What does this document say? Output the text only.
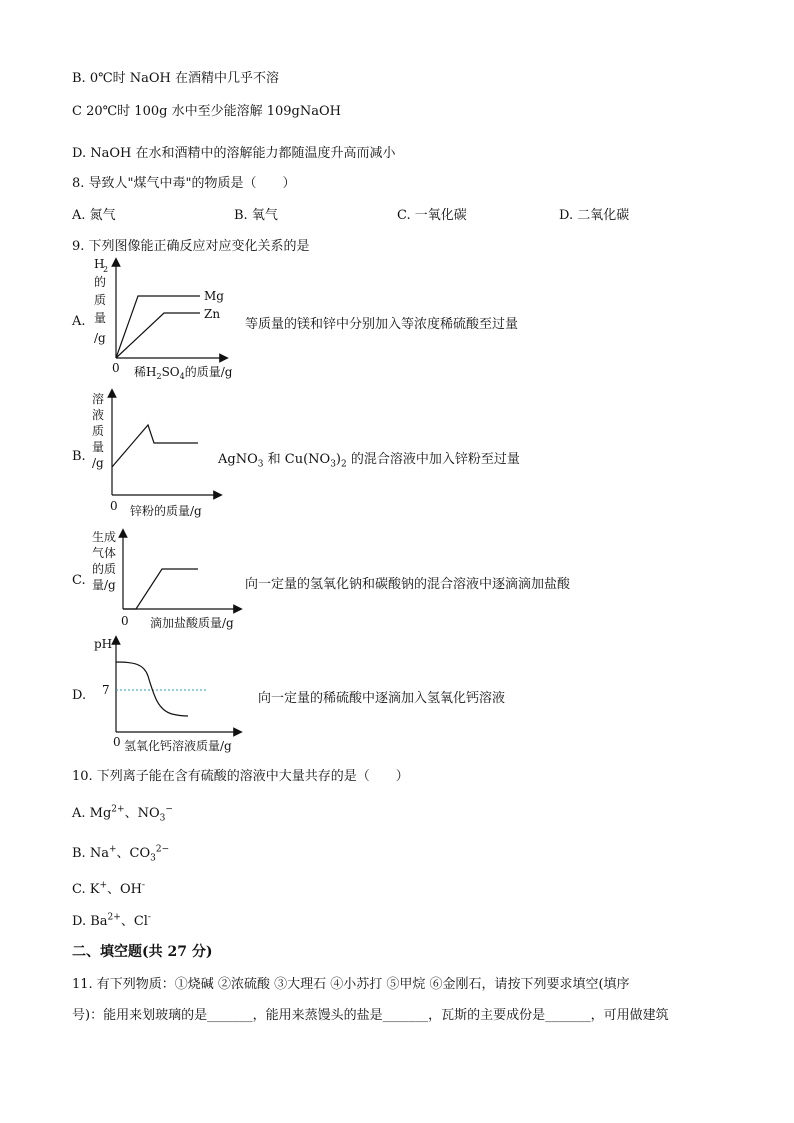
B. 0℃时 NaOH 在酒精中几乎不溶
C 20℃时 100g 水中至少能溶解 109gNaOH
D. NaOH 在水和酒精中的溶解能力都随温度升高而减小
8. 导致人"煤气中毒"的物质是（　　）
A. 氮气	B. 氧气	C. 一氧化碳	D. 二氧化碳
9. 下列图像能正确反应对应变化关系的是
A.
H
2
的
质
量
/g
0 稀$H_2SO_4$的质量/g
Mg
Zn
等质量的镁和锌中分别加入等浓度稀硫酸至过量
B.
溶
液
质
量
/g
0 锌粉的质量/g
AgNO$_3$ 和 $Cu(NO_3)_2$ 的混合溶液中加入锌粉至过量
C.
生成
气体
的质
量/g
0 滴加盐酸质量/g
向一定量的氢氧化钠和碳酸钠的混合溶液中逐滴滴加盐酸
D.
pH
7
0 氢氧化钙溶液质量/g
向一定量的稀硫酸中逐滴加入氢氧化钙溶液
10. 下列离子能在含有硫酸的溶液中大量共存的是（　　）
A. $Mg^{2+}$、$NO_3^-$
B. Na+、$CO_3^{2-}$
C. K+、OH-
D. $Ba^{2+}$、Cl-
二、填空题(共 27 分)
11. 有下列物质：①烧碱 ②浓硫酸 ③大理石 ④小苏打 ⑤甲烷 ⑥金刚石，请按下列要求填空(填序
号)：能用来划玻璃的是_______，能用来蒸馒头的盐是_______，瓦斯的主要成份是_______，可用做建筑
